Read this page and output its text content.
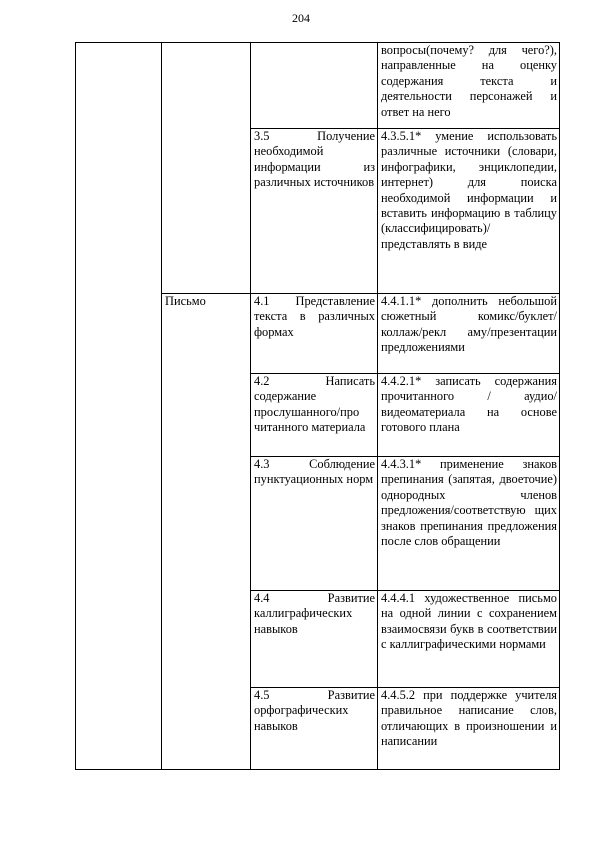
204

			вопросы(почему? для чего?), направленные на оценку содержания текста и деятельности персонажей и ответ на него

		3.5 Получение необходимой информации из различных источников	4.3.5.1* умение использовать различные источники (словари, инфографики, энциклопедии, интернет) для поиска необходимой информации и вставить информацию в таблицу (классифицировать)/ представлять в виде

	Письмо	4.1 Представление текста в различных формах	4.4.1.1* дополнить небольшой сюжетный комикс/буклет/коллаж/рекл аму/презентации предложениями

		4.2 Написать содержание прослушанного/про читанного материала	4.4.2.1* записать содержания прочитанного / аудио/видеоматериала на основе готового плана

		4.3 Соблюдение пунктуационных норм	4.4.3.1* применение знаков препинания (запятая, двоеточие) однородных членов предложения/соответствую щих знаков препинания предложения после слов обращении

		4.4 Развитие каллиграфических навыков	4.4.4.1 художественное письмо на одной линии с сохранением взаимосвязи букв в соответствии с каллиграфическими нормами

		4.5 Развитие орфографических навыков	4.4.5.2 при поддержке учителя правильное написание слов, отличающих в произношении и написании
